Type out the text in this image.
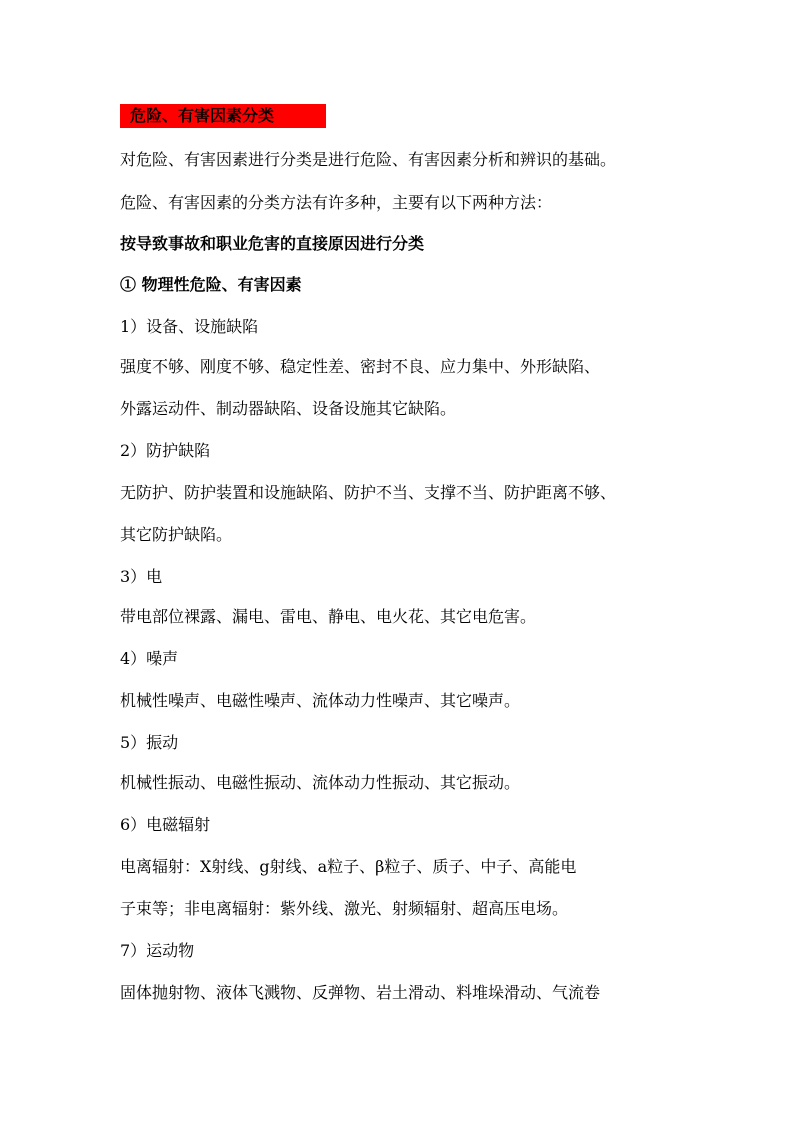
危险、有害因素分类
对危险、有害因素进行分类是进行危险、有害因素分析和辨识的基础。
危险、有害因素的分类方法有许多种，主要有以下两种方法：
按导致事故和职业危害的直接原因进行分类
① 物理性危险、有害因素
1）设备、设施缺陷
强度不够、刚度不够、稳定性差、密封不良、应力集中、外形缺陷、
外露运动件、制动器缺陷、设备设施其它缺陷。
2）防护缺陷
无防护、防护装置和设施缺陷、防护不当、支撑不当、防护距离不够、
其它防护缺陷。
3）电
带电部位裸露、漏电、雷电、静电、电火花、其它电危害。
4）噪声
机械性噪声、电磁性噪声、流体动力性噪声、其它噪声。
5）振动
机械性振动、电磁性振动、流体动力性振动、其它振动。
6）电磁辐射
电离辐射：Χ射线、g射线、a粒子、β粒子、质子、中子、高能电
子束等；非电离辐射：紫外线、激光、射频辐射、超高压电场。
7）运动物
固体抛射物、液体飞溅物、反弹物、岩土滑动、料堆垛滑动、气流卷
